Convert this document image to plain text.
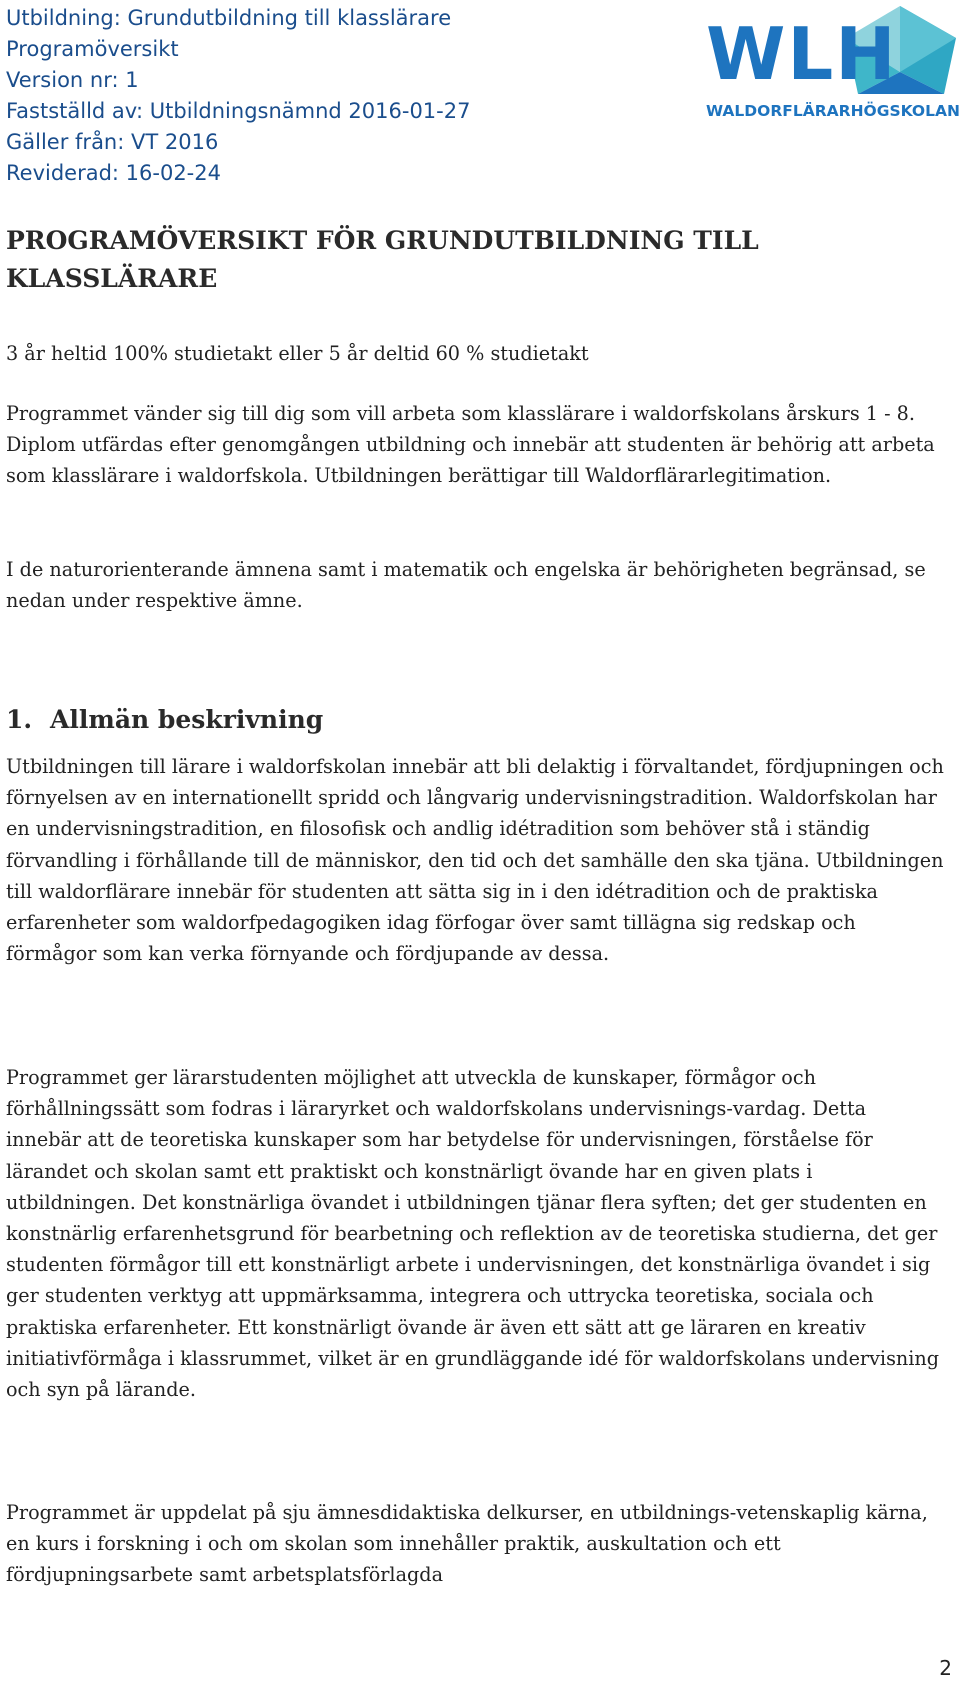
Utbildning: Grundutbildning till klasslärare
Programöversikt
Version nr: 1
Fastställd av: Utbildningsnämnd 2016-01-27
Gäller från: VT 2016
Reviderad: 16-02-24
WLH
WALDORFLÄRARHÖGSKOLAN
PROGRAMÖVERSIKT FÖR GRUNDUTBILDNING TILL KLASSLÄRARE

3 år heltid 100% studietakt eller 5 år deltid 60 % studietakt

Programmet vänder sig till dig som vill arbeta som klasslärare i waldorfskolans årskurs 1 - 8. Diplom utfärdas efter genomgången utbildning och innebär att studenten är behörig att arbeta som klasslärare i waldorfskola. Utbildningen berättigar till Waldorflärarlegitimation.

I de naturorienterande ämnena samt i matematik och engelska är behörigheten begränsad, se nedan under respektive ämne.

1. Allmän beskrivning

Utbildningen till lärare i waldorfskolan innebär att bli delaktig i förvaltandet, fördjupningen och förnyelsen av en internationellt spridd och långvarig undervisningstradition. Waldorfskolan har en undervisningstradition, en filosofisk och andlig idétradition som behöver stå i ständig förvandling i förhållande till de människor, den tid och det samhälle den ska tjäna. Utbildningen till waldorflärare innebär för studenten att sätta sig in i den idétradition och de praktiska erfarenheter som waldorfpedagogiken idag förfogar över samt tillägna sig redskap och förmågor som kan verka förnyande och fördjupande av dessa.

Programmet ger lärarstudenten möjlighet att utveckla de kunskaper, förmågor och förhållningssätt som fodras i läraryrket och waldorfskolans undervisnings-vardag. Detta innebär att de teoretiska kunskaper som har betydelse för undervisningen, förståelse för lärandet och skolan samt ett praktiskt och konstnärligt övande har en given plats i utbildningen. Det konstnärliga övandet i utbildningen tjänar flera syften; det ger studenten en konstnärlig erfarenhetsgrund för bearbetning och reflektion av de teoretiska studierna, det ger studenten förmågor till ett konstnärligt arbete i undervisningen, det konstnärliga övandet i sig ger studenten verktyg att uppmärksamma, integrera och uttrycka teoretiska, sociala och praktiska erfarenheter. Ett konstnärligt övande är även ett sätt att ge läraren en kreativ initiativförmåga i klassrummet, vilket är en grundläggande idé för waldorfskolans undervisning och syn på lärande.

Programmet är uppdelat på sju ämnesdidaktiska delkurser, en utbildnings-vetenskaplig kärna, en kurs i forskning i och om skolan som innehåller praktik, auskultation och ett fördjupningsarbete samt arbetsplatsförlagda

2
